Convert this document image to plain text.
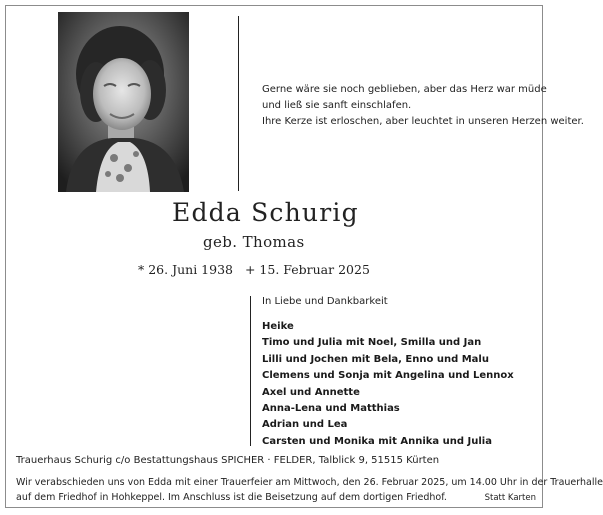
Gerne wäre sie noch geblieben, aber das Herz war müde
und ließ sie sanft einschlafen.
Ihre Kerze ist erloschen, aber leuchtet in unseren Herzen weiter.
Edda Schurig
geb. Thomas
* 26. Juni 1938 + 15. Februar 2025
In Liebe und Dankbarkeit
Heike
Timo und Julia mit Noel, Smilla und Jan
Lilli und Jochen mit Bela, Enno und Malu
Clemens und Sonja mit Angelina und Lennox
Axel und Annette
Anna-Lena und Matthias
Adrian und Lea
Carsten und Monika mit Annika und Julia
Trauerhaus Schurig c/o Bestattungshaus SPICHER · FELDER, Talblick 9, 51515 Kürten
Wir verabschieden uns von Edda mit einer Trauerfeier am Mittwoch, den 26. Februar 2025, um 14.00 Uhr in der Trauerhalle
auf dem Friedhof in Hohkeppel. Im Anschluss ist die Beisetzung auf dem dortigen Friedhof.	Statt Karten
